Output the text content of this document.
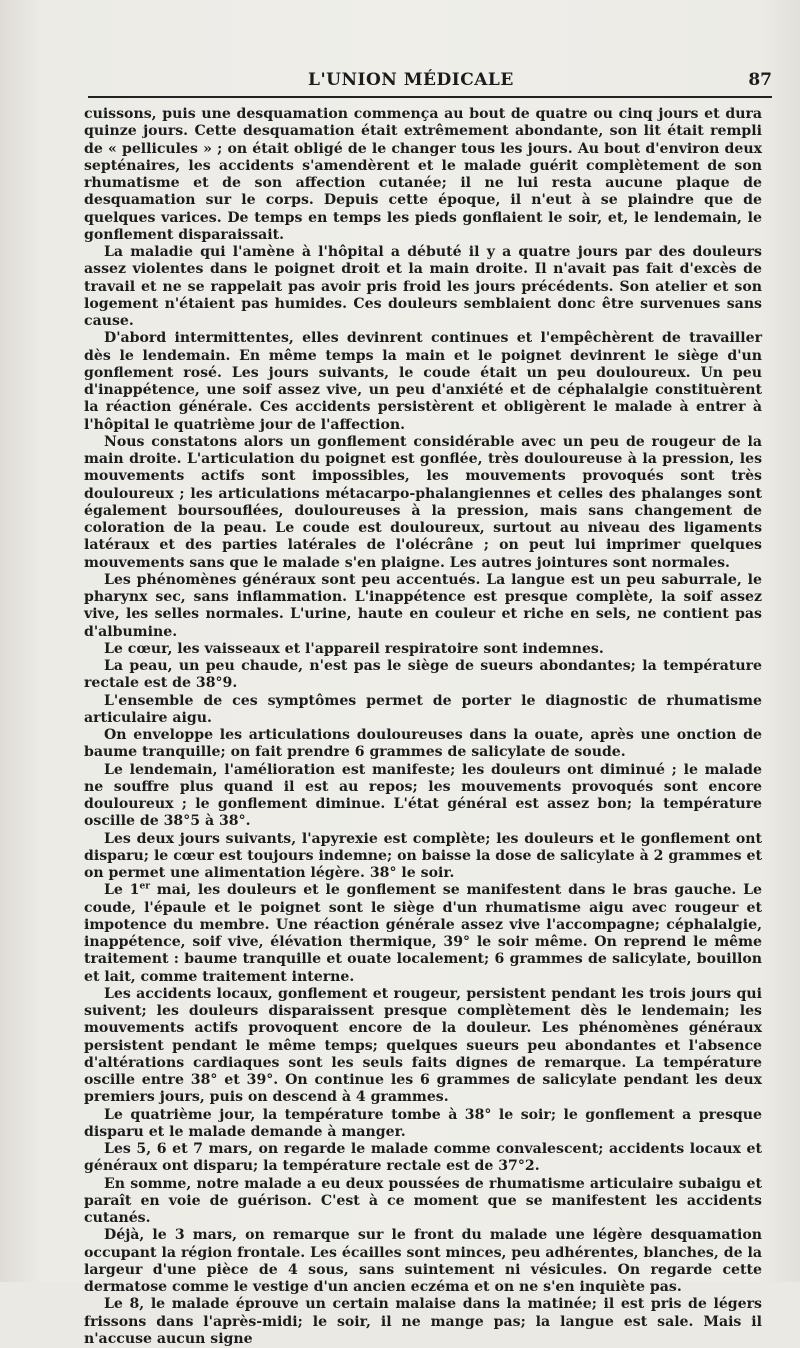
L'UNION MÉDICALE	87

cuissons, puis une desquamation commença au bout de quatre ou cinq jours et dura quinze jours. Cette desquamation était extrêmement abondante, son lit était rempli de « pellicules » ; on était obligé de le changer tous les jours. Au bout d'environ deux septénaires, les accidents s'amendèrent et le malade guérit complètement de son rhumatisme et de son affection cutanée; il ne lui resta aucune plaque de desquamation sur le corps. Depuis cette époque, il n'eut à se plaindre que de quelques varices. De temps en temps les pieds gonflaient le soir, et, le lendemain, le gonflement disparaissait.

La maladie qui l'amène à l'hôpital a débuté il y a quatre jours par des douleurs assez violentes dans le poignet droit et la main droite. Il n'avait pas fait d'excès de travail et ne se rappelait pas avoir pris froid les jours précédents. Son atelier et son logement n'étaient pas humides. Ces douleurs semblaient donc être survenues sans cause.

D'abord intermittentes, elles devinrent continues et l'empêchèrent de travailler dès le lendemain. En même temps la main et le poignet devinrent le siège d'un gonflement rosé. Les jours suivants, le coude était un peu douloureux. Un peu d'inappétence, une soif assez vive, un peu d'anxiété et de céphalalgie constituèrent la réaction générale. Ces accidents persistèrent et obligèrent le malade à entrer à l'hôpital le quatrième jour de l'affection.

Nous constatons alors un gonflement considérable avec un peu de rougeur de la main droite. L'articulation du poignet est gonflée, très douloureuse à la pression, les mouvements actifs sont impossibles, les mouvements provoqués sont très douloureux ; les articulations métacarpo-phalangiennes et celles des phalanges sont également boursouflées, douloureuses à la pression, mais sans changement de coloration de la peau. Le coude est douloureux, surtout au niveau des ligaments latéraux et des parties latérales de l'olécrâne ; on peut lui imprimer quelques mouvements sans que le malade s'en plaigne. Les autres jointures sont normales.

Les phénomènes généraux sont peu accentués. La langue est un peu saburrale, le pharynx sec, sans inflammation. L'inappétence est presque complète, la soif assez vive, les selles normales. L'urine, haute en couleur et riche en sels, ne contient pas d'albumine.

Le cœur, les vaisseaux et l'appareil respiratoire sont indemnes.

La peau, un peu chaude, n'est pas le siège de sueurs abondantes; la température rectale est de 38°9.

L'ensemble de ces symptômes permet de porter le diagnostic de rhumatisme articulaire aigu.

On enveloppe les articulations douloureuses dans la ouate, après une onction de baume tranquille; on fait prendre 6 grammes de salicylate de soude.

Le lendemain, l'amélioration est manifeste; les douleurs ont diminué ; le malade ne souffre plus quand il est au repos; les mouvements provoqués sont encore douloureux ; le gonflement diminue. L'état général est assez bon; la température oscille de 38°5 à 38°.

Les deux jours suivants, l'apyrexie est complète; les douleurs et le gonflement ont disparu; le cœur est toujours indemne; on baisse la dose de salicylate à 2 grammes et on permet une alimentation légère. 38° le soir.

Le 1er mai, les douleurs et le gonflement se manifestent dans le bras gauche. Le coude, l'épaule et le poignet sont le siège d'un rhumatisme aigu avec rougeur et impotence du membre. Une réaction générale assez vive l'accompagne; céphalalgie, inappétence, soif vive, élévation thermique, 39° le soir même. On reprend le même traitement : baume tranquille et ouate localement; 6 grammes de salicylate, bouillon et lait, comme traitement interne.

Les accidents locaux, gonflement et rougeur, persistent pendant les trois jours qui suivent; les douleurs disparaissent presque complètement dès le lendemain; les mouvements actifs provoquent encore de la douleur. Les phénomènes généraux persistent pendant le même temps; quelques sueurs peu abondantes et l'absence d'altérations cardiaques sont les seuls faits dignes de remarque. La température oscille entre 38° et 39°. On continue les 6 grammes de salicylate pendant les deux premiers jours, puis on descend à 4 grammes.

Le quatrième jour, la température tombe à 38° le soir; le gonflement a presque disparu et le malade demande à manger.

Les 5, 6 et 7 mars, on regarde le malade comme convalescent; accidents locaux et généraux ont disparu; la température rectale est de 37°2.

En somme, notre malade a eu deux poussées de rhumatisme articulaire subaigu et paraît en voie de guérison. C'est à ce moment que se manifestent les accidents cutanés.

Déjà, le 3 mars, on remarque sur le front du malade une légère desquamation occupant la région frontale. Les écailles sont minces, peu adhérentes, blanches, de la largeur d'une pièce de 4 sous, sans suintement ni vésicules. On regarde cette dermatose comme le vestige d'un ancien eczéma et on ne s'en inquiète pas.

Le 8, le malade éprouve un certain malaise dans la matinée; il est pris de légers frissons dans l'après-midi; le soir, il ne mange pas; la langue est sale. Mais il n'accuse aucun signe
